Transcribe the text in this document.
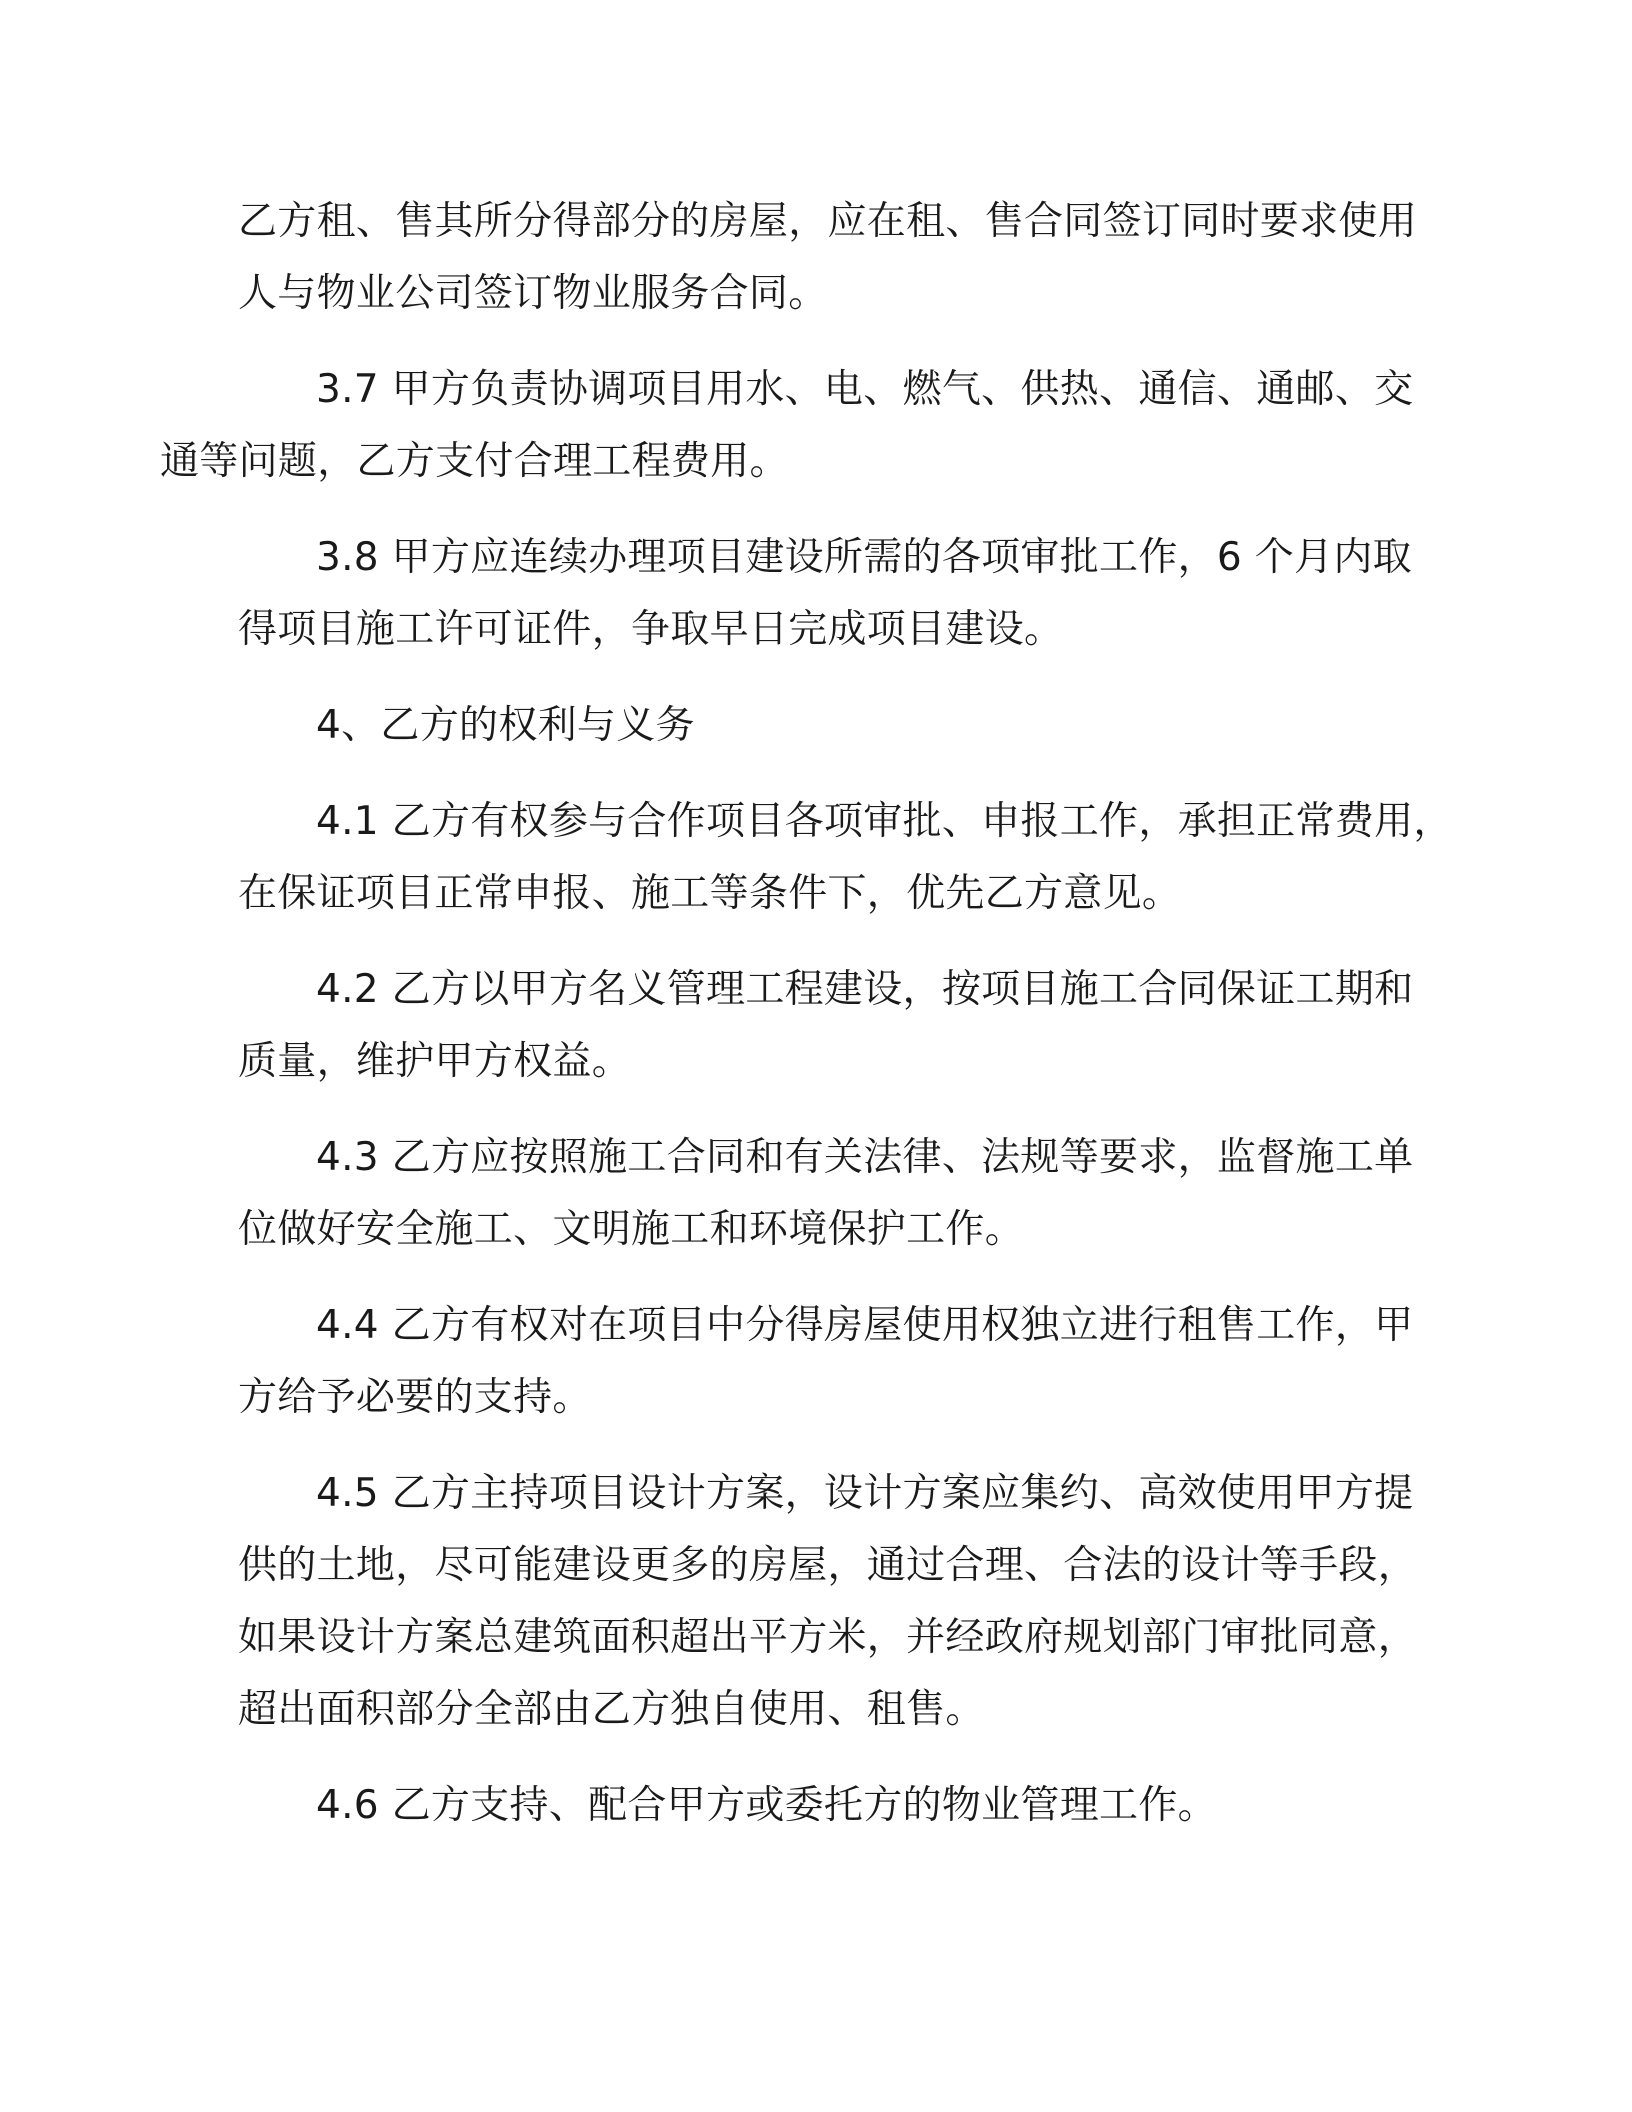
乙方租、售其所分得部分的房屋，应在租、售合同签订同时要求使用
人与物业公司签订物业服务合同。

3.7 甲方负责协调项目用水、电、燃气、供热、通信、通邮、交
通等问题，乙方支付合理工程费用。

3.8 甲方应连续办理项目建设所需的各项审批工作，6 个月内取
得项目施工许可证件，争取早日完成项目建设。

4、乙方的权利与义务

4.1 乙方有权参与合作项目各项审批、申报工作，承担正常费用，
在保证项目正常申报、施工等条件下，优先乙方意见。

4.2 乙方以甲方名义管理工程建设，按项目施工合同保证工期和
质量，维护甲方权益。

4.3 乙方应按照施工合同和有关法律、法规等要求，监督施工单
位做好安全施工、文明施工和环境保护工作。

4.4 乙方有权对在项目中分得房屋使用权独立进行租售工作，甲
方给予必要的支持。

4.5 乙方主持项目设计方案，设计方案应集约、高效使用甲方提
供的土地，尽可能建设更多的房屋，通过合理、合法的设计等手段，
如果设计方案总建筑面积超出平方米，并经政府规划部门审批同意，
超出面积部分全部由乙方独自使用、租售。

4.6 乙方支持、配合甲方或委托方的物业管理工作。
